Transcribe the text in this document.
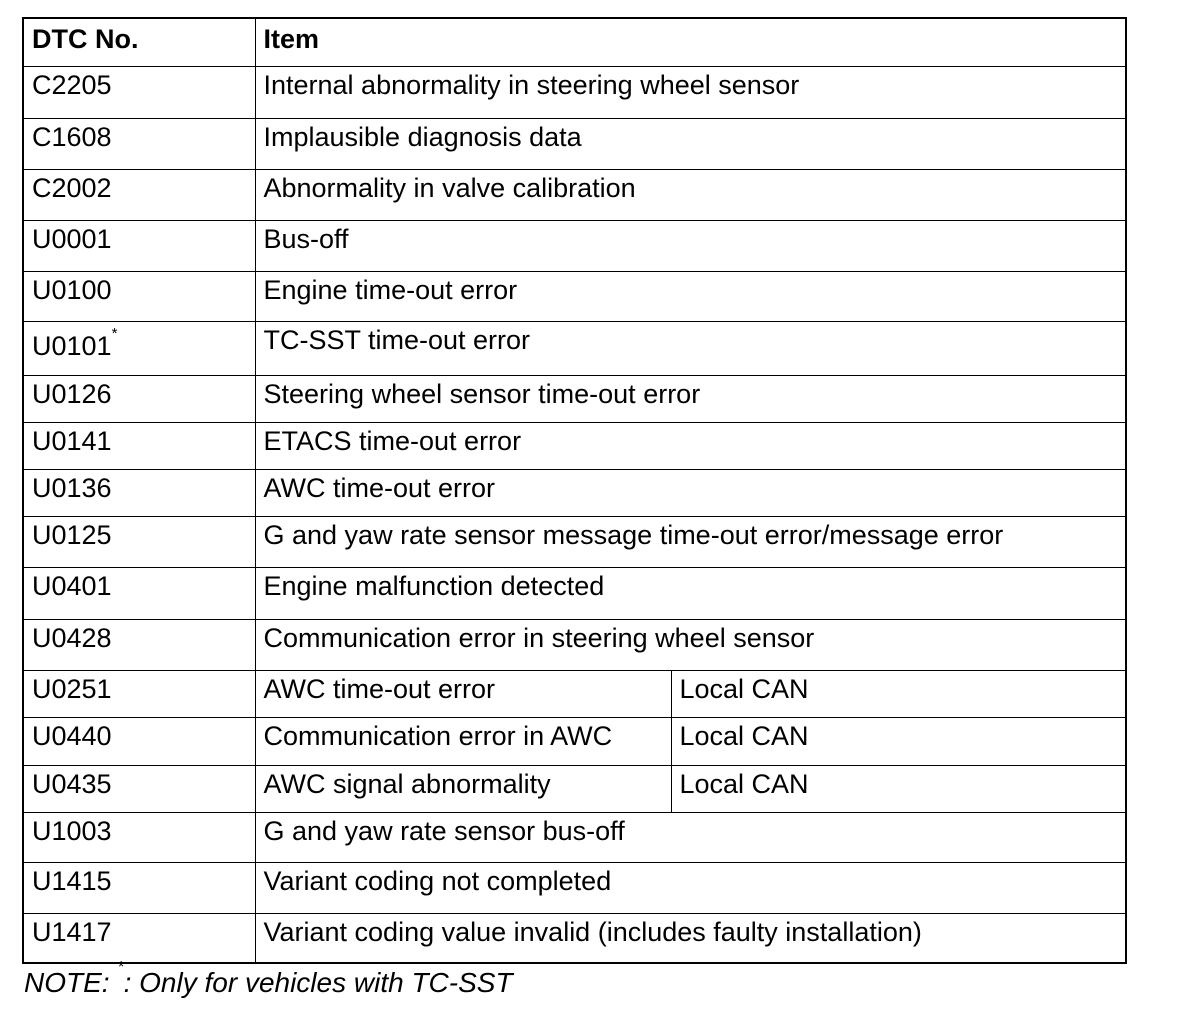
DTC No.	Item	
C2205	Internal abnormality in steering wheel sensor	
C1608	Implausible diagnosis data	
C2002	Abnormality in valve calibration	
U0001	Bus-off	
U0100	Engine time-out error	
U0101*	TC-SST time-out error	
U0126	Steering wheel sensor time-out error	
U0141	ETACS time-out error	
U0136	AWC time-out error	
U0125	G and yaw rate sensor message time-out error/message error	
U0401	Engine malfunction detected	
U0428	Communication error in steering wheel sensor	
U0251	AWC time-out error	Local CAN
U0440	Communication error in AWC	Local CAN
U0435	AWC signal abnormality	Local CAN
U1003	G and yaw rate sensor bus-off	
U1415	Variant coding not completed	
U1417	Variant coding value invalid (includes faulty installation)	
NOTE: *: Only for vehicles with TC-SST
